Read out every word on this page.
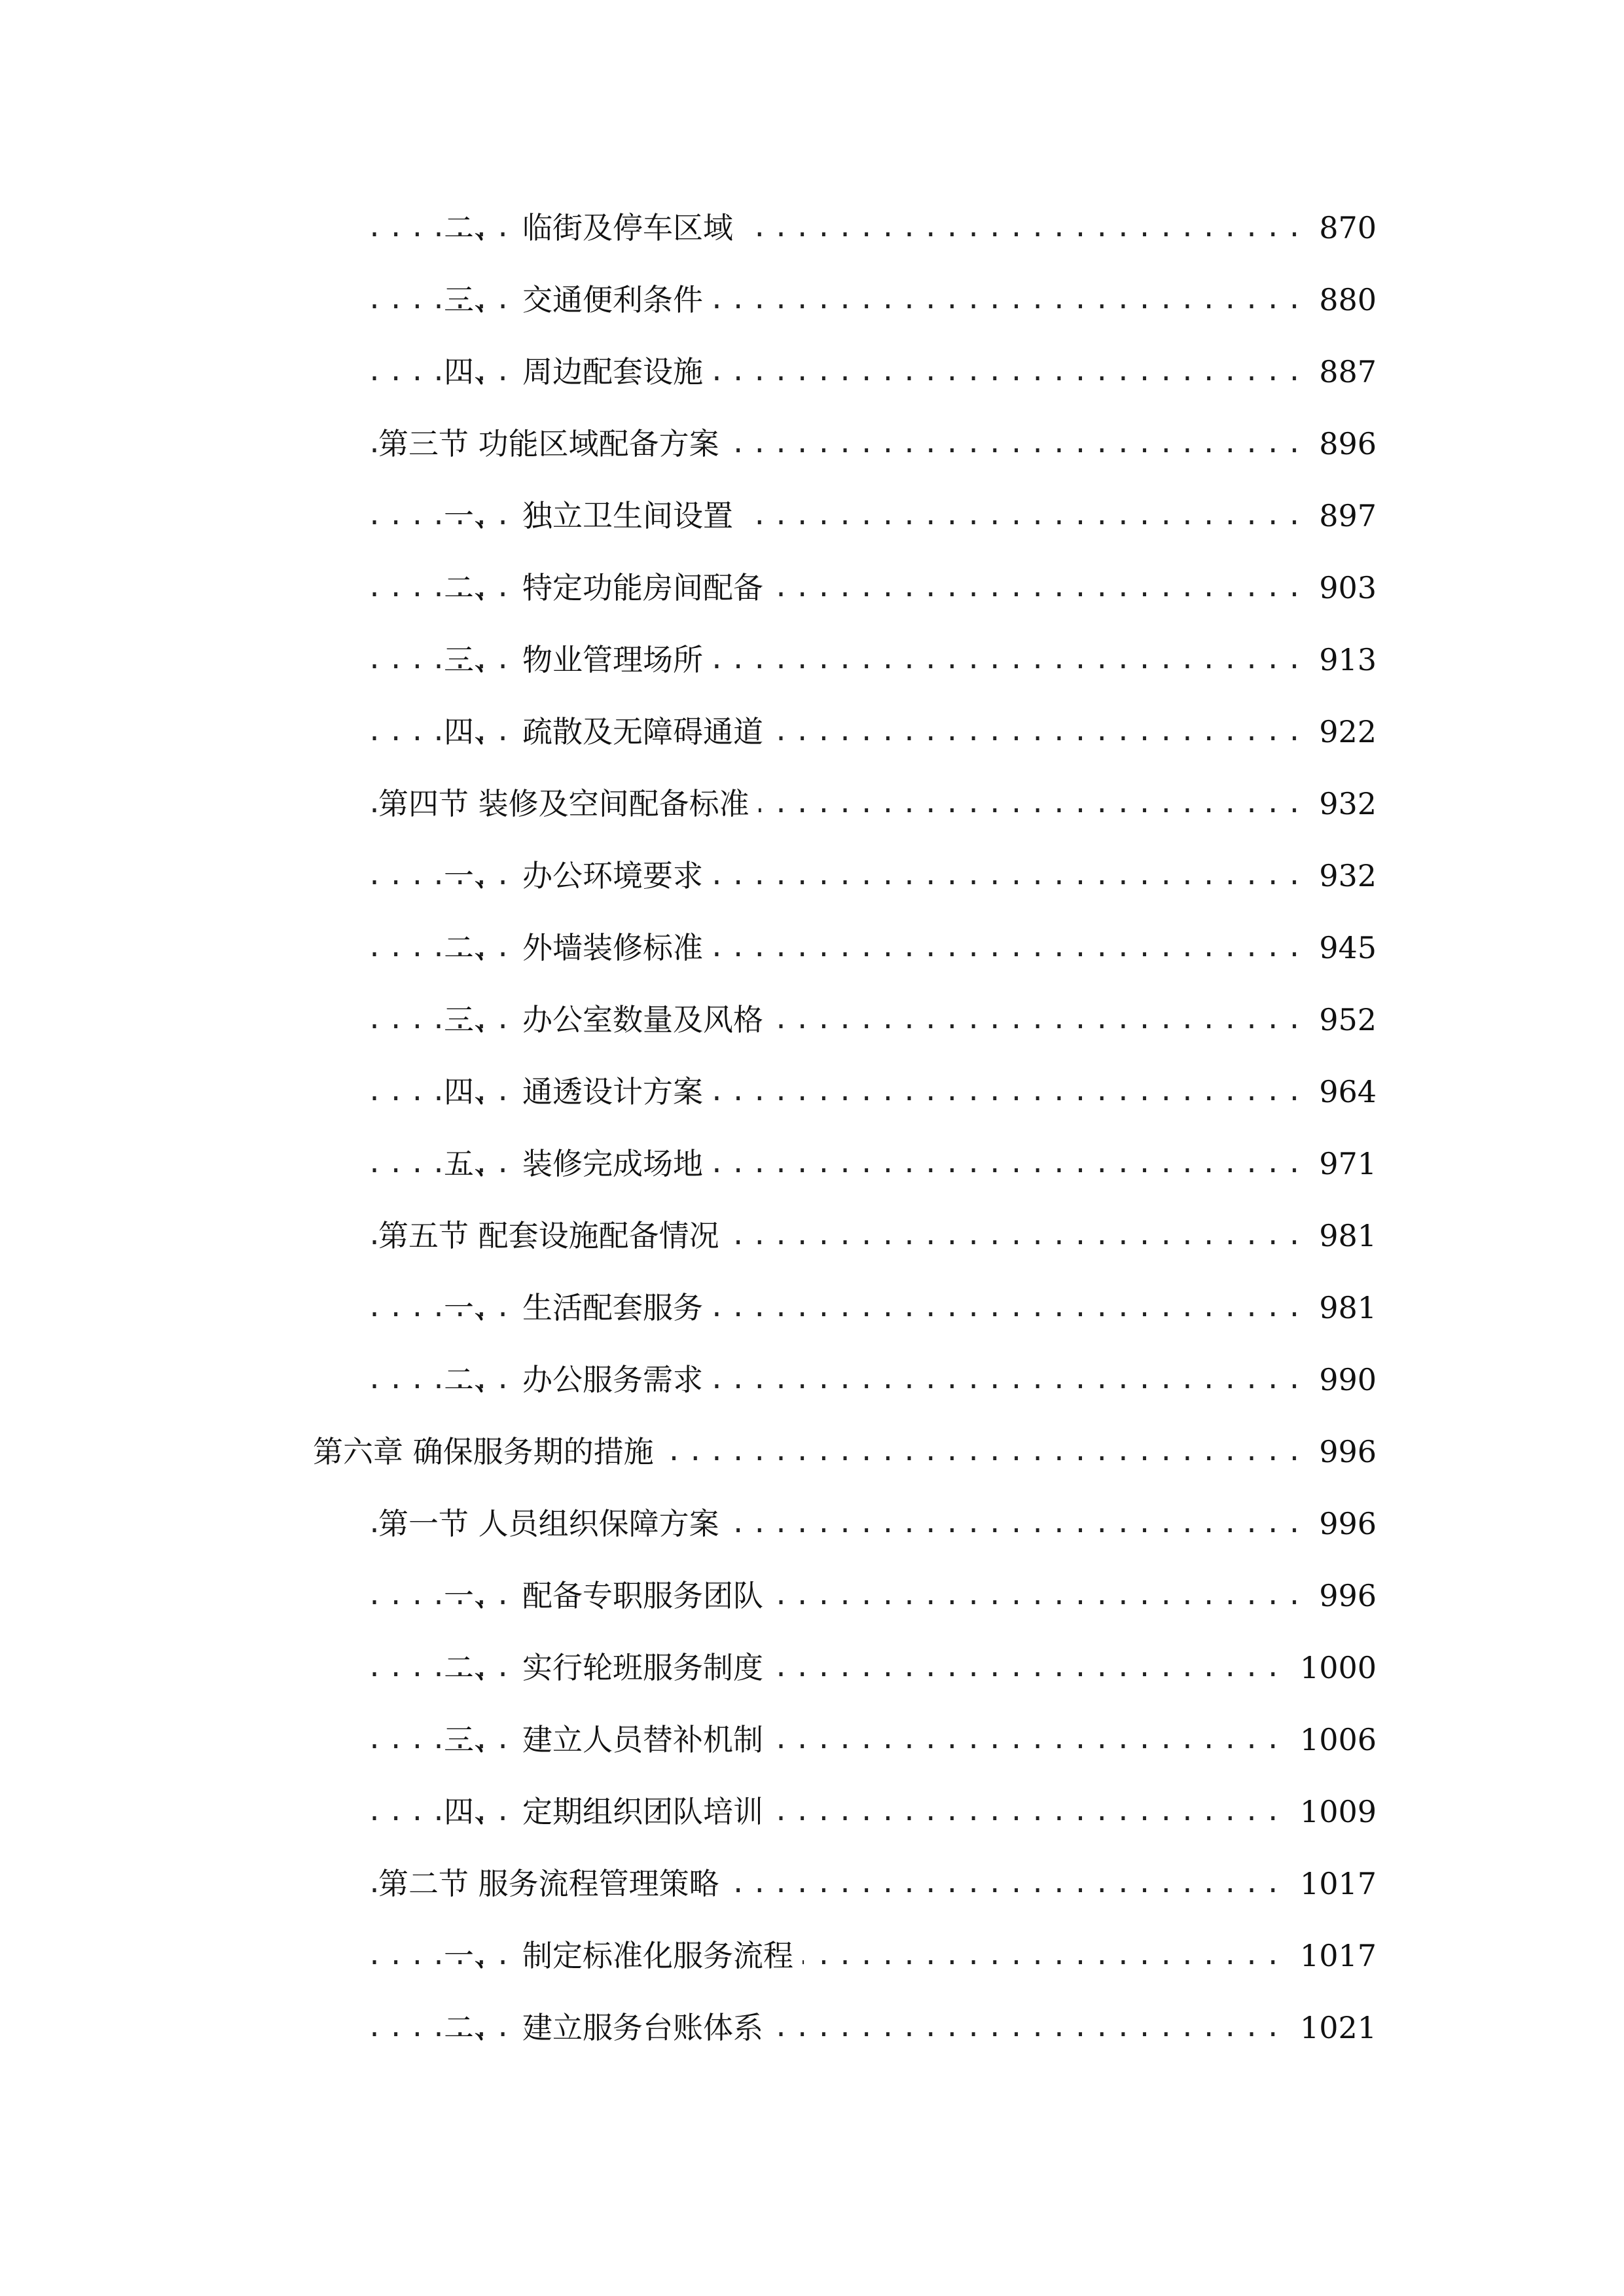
二、 临街及停车区域 .....	870
三、 交通便利条件 .....	880
四、 周边配套设施 .....	887
第三节 功能区域配备方案 .....	896
一、 独立卫生间设置 .....	897
二、 特定功能房间配备 .....	903
三、 物业管理场所 .....	913
四、 疏散及无障碍通道 .....	922
第四节 装修及空间配备标准 .....	932
一、 办公环境要求 .....	932
二、 外墙装修标准 .....	945
三、 办公室数量及风格 .....	952
四、 通透设计方案 .....	964
五、 装修完成场地 .....	971
第五节 配套设施配备情况 .....	981
一、 生活配套服务 .....	981
二、 办公服务需求 .....	990
第六章 确保服务期的措施 .....	996
第一节 人员组织保障方案 .....	996
一、 配备专职服务团队 .....	996
二、 实行轮班服务制度 .....	1000
三、 建立人员替补机制 .....	1006
四、 定期组织团队培训 .....	1009
第二节 服务流程管理策略 .....	1017
一、 制定标准化服务流程 .....	1017
二、 建立服务台账体系 .....	1021
